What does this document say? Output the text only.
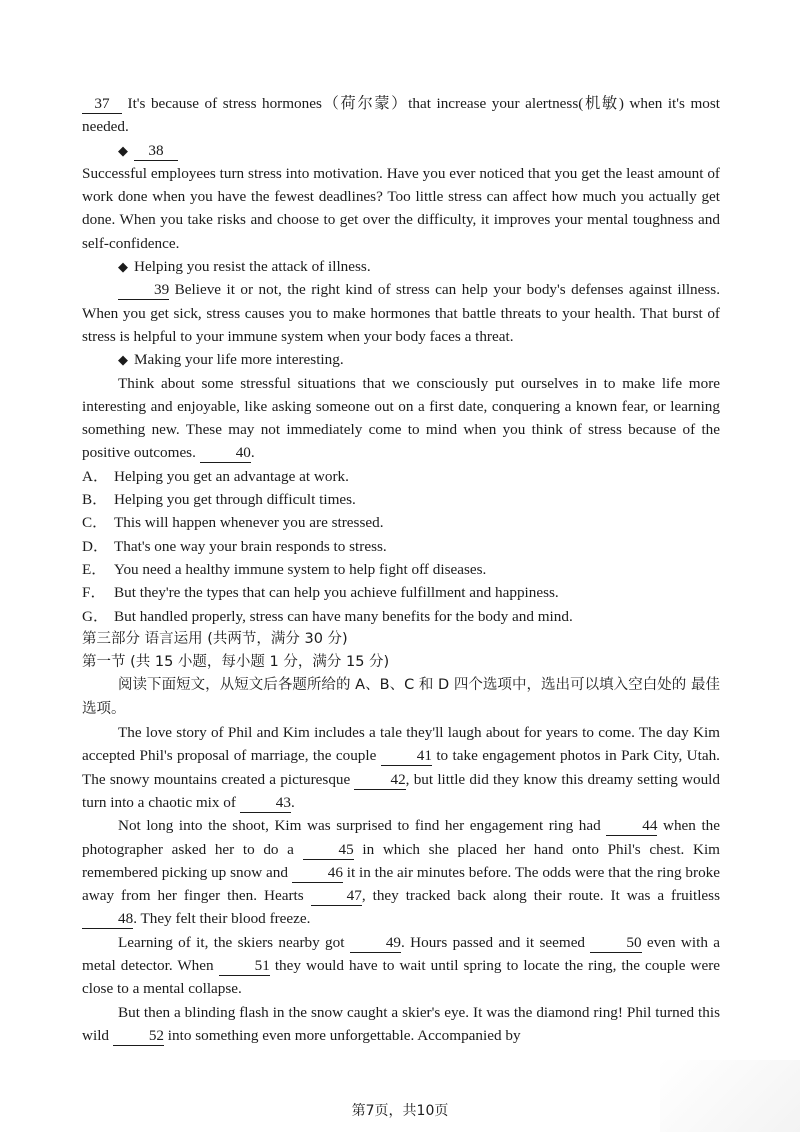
37 It's because of stress hormones（荷尔蒙）that increase your alertness(机敏) when it's most needed.

◆ 38

Successful employees turn stress into motivation. Have you ever noticed that you get the least amount of work done when you have the fewest deadlines? Too little stress can affect how much you actually get done. When you take risks and choose to get over the difficulty, it improves your mental toughness and self-confidence.

◆ Helping you resist the attack of illness.

39 Believe it or not, the right kind of stress can help your body's defenses against illness. When you get sick, stress causes you to make hormones that battle threats to your health. That burst of stress is helpful to your immune system when your body faces a threat.

◆ Making your life more interesting.

Think about some stressful situations that we consciously put ourselves in to make life more interesting and enjoyable, like asking someone out on a first date, conquering a known fear, or learning something new. These may not immediately come to mind when you think of stress because of the positive outcomes. 40.

A． Helping you get an advantage at work.

B． Helping you get through difficult times.

C． This will happen whenever you are stressed.

D． That's one way your brain responds to stress.

E． You need a healthy immune system to help fight off diseases.

F． But they're the types that can help you achieve fulfillment and happiness.

G． But handled properly, stress can have many benefits for the body and mind.

第三部分 语言运用 (共两节，满分 30 分)

第一节 (共 15 小题，每小题 1 分，满分 15 分)

阅读下面短文，从短文后各题所给的 A、B、C 和 D 四个选项中，选出可以填入空白处的 最佳选项。

The love story of Phil and Kim includes a tale they'll laugh about for years to come. The day Kim accepted Phil's proposal of marriage, the couple 41 to take engagement photos in Park City, Utah. The snowy mountains created a picturesque 42, but little did they know this dreamy setting would turn into a chaotic mix of 43.

Not long into the shoot, Kim was surprised to find her engagement ring had 44 when the photographer asked her to do a 45 in which she placed her hand onto Phil's chest. Kim remembered picking up snow and 46 it in the air minutes before. The odds were that the ring broke away from her finger then. Hearts 47, they tracked back along their route. It was a fruitless 48. They felt their blood freeze.

Learning of it, the skiers nearby got 49. Hours passed and it seemed 50 even with a metal detector. When 51 they would have to wait until spring to locate the ring, the couple were close to a mental collapse.

But then a blinding flash in the snow caught a skier's eye. It was the diamond ring! Phil turned this wild 52 into something even more unforgettable. Accompanied by

第7页，共10页
